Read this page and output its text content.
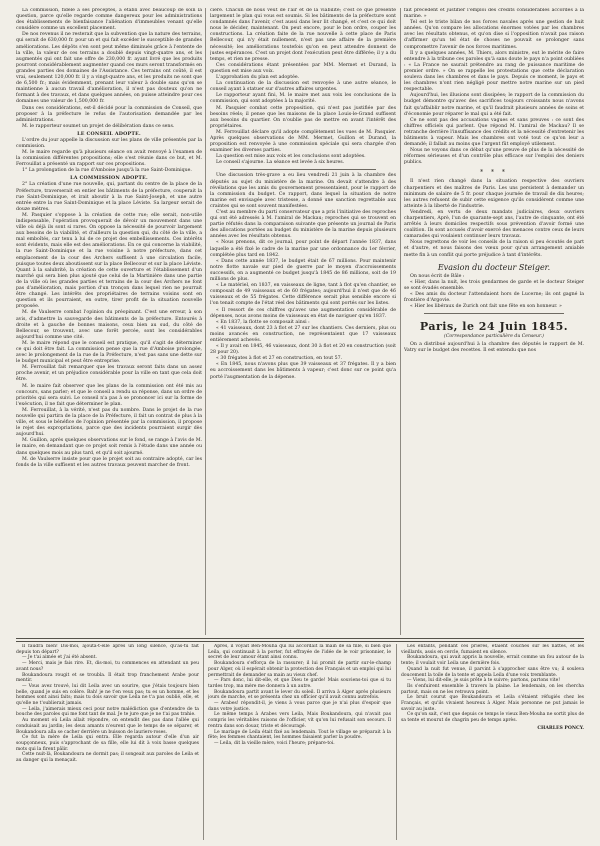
La commission, fidèle à ses préceptes, a établi avec beaucoup de soin la question, parce qu'elle regarde comme dangereux pour les administrations des établissements de bienfaisance l'aliénation d'immeubles venant qu'elle considère comme un excellent placement.

De nos revenus il ne resterait que la subvention que la nature des terrains, qui serait de 630,000 fr. pour un et qui fait excéder le susceptible de grandes améliorations. Les dépôts s'en sont peut même diminués grâce à l'entente de la ville, la valeur de ces terrains a doublé depuis vingt-quatre ans, et les augmentés qui ont fait une offre de 230,000 fr. ayant livré que les produits pourront considérablement augmenter quand ces murs seront transformés en grandes parties des domaines de l'Assistance. Ces terrains ont coûté, il est vrai, seulement 120,000 fr. il y a vingt-quatre ans, et les produits ne sont que de 6,500 fr.; mais évidemment, prenant leur valeur à double sans qu'on se maintienne à aucun travail d'amélioration, il n'est pas douteux qu'on ne formant à des travaux, et dans quelques années, on puisse atteindre pour ces domaines une valeur de 1,500,000 fr.

Dans ces considérations, est-il décidé pour la commission de Conseil, que proposer à la préfecture le refus de l'autorisation demandée par les administrations.

M. le rapporteur soumet un projet de délibération dans ce sens.

LE CONSEIL ADOPTE.

L'ordre du jour appelle la discussion sur les plans de ville présentés par la commission.

M. le maire regarde qu'à plusieurs séance on avait renvoyé à l'examen de la commission différentes propositions; elle s'est réunie dans ce but, et M. Ferrouillat a présenté un rapport sur ces propositions.

1° La prolongation de la rue d'Amboise jusqu'à la rue Saint-Dominique.

LA COMMISSION ADOPTE.

2° La création d'une rue nouvelle, qui, partant du centre de la place de la Préfecture, traverserait en entier les bâtiments de la préfecture, couperait la rue Saint-Dominique, et irait aboutir à la rue Saint-Joseph, et une autre entrée entre la rue Saint-Dominique et la place Léviste. Sa largeur serait de douze mètres.

M. Pasquier s'oppose à la création de cette rue; elle serait, non-utile indispensable, l'opération provoquerait de dévoir un mouvement dans une ville où déjà ils sont si rares. On oppose la nécessité de pourvoir largement aux besoins de la viabilité, et d'ailleurs la question qui, du côté de la ville, a mal emboîtés, car tenu à lui de ce projet des embellissements. Ces intérêts sont évidents, mais elle est des améliorations. En ce qui concerne la viabilité, la rue Saint-Dominique et la rue voisine à notre préfecture, dans cet emplacement de la cour des Archers suffisent à une circulation facile, puisque toutes deux aboutissent sur la place Bellecour et sur la place Léviste. Quant à la salubrité, la création de cette ouverture et l'établissement d'un marché qui sera bien plus ajouté que celui de la Martinière dans une partie de la ville où les grandes parties et terrains de la cour des Archers ne font pas d'amélioration, mais portion d'un tronçon dans lequel rien ne pourrait être changé. Les intérêts des propriétaires de terrains voisins sont en question et ils pourraient, en outre, tirer profit de la situation nouvelle proposée.

M. de Vaulserre combat l'opinion du préopinant. C'est une erreur, à son avis, d'admettre la sauvegarde des bâtiments de la préfecture. Entourés à droite et à gauche de bonnes maisons, ceux bien au sud, du côté de Bellecour, se trouvent, avec une forêt percée, sont les considérables aujourd'hui comme une cité.

M. le maire répond que le conseil est pratique, qu'il s'agit de déterminer ce qui doit être fait. La commission pense que la rue d'Amboise prolongée, avec le prolongement de la rue de la Préfecture, n'est pas sans une dette sur le budget municipal et peut être entreprise.

M. Ferrouillat fait remarquer que les travaux seront faits dans un assez proche avenir, et un préjudice considérable pour la ville en tant que cela doit être.

M. le maire fait observer que les plans de la commission ont été mis au concours, sans parler; et que le conseil a rendu sa réponse, dans un ordre de priorités qui sera suivi. Le conseil n'a pas à se prononcer ici sur la forme de l'exécution, il ne fait que déterminer le plan.

M. Ferrouillat, à la vérité, n'est pas du nombre. Dans le projet de la rue nouvelle qui partira de la place de la Préfecture, il fait un contrat de plus à la ville, et sous le bénéfice de l'opinion présentée par la commission, il propose le rejet des expropriations, parce que des incidents pourraient surgir dès aujourd'hui.

M. Guillon, après quelques observations sur le fond, se range à l'avis de M. le maire, en demandant que ce projet soit remis à l'étude dans une année ou dans quelques mois au plus tard, et qu'il soit ajourné.

M. de Vaulserre insiste pour que le projet soit au contraire adopté, car les fonds de la ville suffisent et les autres travaux peuvent marcher de front.

cière. Chacun de nous veut de l'air et de la viabilité; c'est ce que présente largement le plan qui vous est soumis. Si les bâtiments de la préfecture sont condamnés dans l'avenir, c'est aussi dans leur lit changé, et c'est ce qui doit nous le décider, maintenant. On peut encore, pour le bon ordre, couper les constructions. La création faite de la rue nouvelle à cette place de Paris Bellecour, qui n'y était nullement, n'est pas une affaire de la première nécessité; les améliorations toutefois qu'on en peut attendre donnent de justes espérances. C'est un projet dont l'exécution peut être différée; il y a du temps, et rien ne presse.

Ces considérations étant présentées par MM. Mermet et Durand, la question est mise aux voix.

L'approbation du plan est adoptée.

La continuation de la discussion est renvoyée à une autre séance, le conseil ayant à statuer sur d'autres affaires urgentes.

Le rapporteur ayant fini, M. le maire met aux voix les conclusions de la commission, qui sont adoptées à la majorité.

M. Pasquier combat cette proposition, qui n'est pas justifiée par des besoins réels; il pense que les maisons de la place Louis-le-Grand suffisent aux besoins du quartier. On n'oublie pas de mettre en avant l'intérêt des propriétaires.

M. Ferrouillat déclare qu'il adopte complètement les vues de M. Pasquier. Après quelques observations de MM. Mermet, Guillon et Durand, la proposition est renvoyée à une commission spéciale qui sera chargée d'en examiner les diverses parties.

La question est mise aux voix et les conclusions sont adoptées.

Le conseil s'ajourne. La séance est levée à six heures.

Une discussion très-grave a eu lieu vendredi 21 juin à la chambre des députés au sujet du ministère de la marine. On devait s'attendre à des révélations que les amis du gouvernement pressentaient, pour le rapport de la commission du budget. Ce rapport, dans lequel la situation de notre marine est envisagée avec tristesse, a donné une sanction regrettable aux craintes qui se sont souvent manifestées.

C'est au membre du parti conservateur que a pris l'initiative des reproches qui ont été adressés à M. l'amiral de Mackau; reproches qui se trouvent en partie réfutés dans la comparaison suivante que présente un journal de Paris des allocations portées au budget du ministère de la marine depuis plusieurs années avec les résultats obtenus.

« Nous prenons, dit ce journal, pour point de départ l'année 1837, dans laquelle a été fixé le cadre de la marine par une ordonnance du 1er février, complétée plus tard en 1842.

« Dans cette année 1837, le budget était de 67 millions. Pour maintenir notre flotte navale sur pied de guerre par le moyen d'accroissements successifs, on a augmenté ce budget jusqu'à 1845 de 86 millions, soit de 19 millions de plus.

« Le matériel, en 1837, en vaisseaux de ligne, tant à flot qu'en chantier, se composait de 49 vaisseaux et de 60 frégates; aujourd'hui il n'est que de 46 vaisseaux et de 55 frégates. Cette différence serait plus sensible encore si l'on tenait compte de l'état réel des bâtiments qui sont portés sur les listes.

« Il ressort de ces chiffres qu'avec une augmentation considérable de dépenses, nous avons moins de vaisseaux en état de naviguer qu'en 1837.

« En 1837, la flotte se composait ainsi :

« 41 vaisseaux, dont 23 à flot et 27 sur les chantiers. Ces derniers, plus ou moins avancés en construction, ne représentaient que 17 vaisseaux entièrement achevés.

« Il y avait en 1845, 46 vaisseaux, dont 30 à flot et 20 en construction (soit 28 pour 20).

« 30 frégates à flot et 27 en construction, en tout 57.

« En 1845, nous n'avons plus que 39 vaisseaux et 37 frégates. Il y a bien eu accroissement dans les bâtiments à vapeur; c'est donc sur ce point qu'a porté l'augmentation de la dépense.

fait précédent et justifier l'emploi des crédits considérables accordés à la marine. »

Tel est le triste bilan de nos forces navales après une gestion de huit années. Qu'on compare les allocations énormes votées par les chambres avec les résultats obtenus, et qu'on dise si l'opposition n'avait pas raison d'affirmer qu'un tel état de choses ne pouvait se prolonger sans compromettre l'avenir de nos forces maritimes.

Il y a quelques années, M. Thiers, alors ministre, eut le mérite de faire entendre à la tribune ces paroles qu'à sans doute le pays n'a point oubliées : « La France ne saurait prétendre au rang de puissance maritime de premier ordre. » On se rappelle les protestations que cette déclaration souleva dans les chambres et dans le pays. Depuis ce moment, le pays et les chambres n'ont rien négligé pour mettre notre marine sur un pied respectable.

Aujourd'hui, les illusions sont dissipées; le rapport de la commission du budget démontre qu'avec des sacrifices toujours croissants nous n'avons fait qu'affaiblir notre marine, et qu'il faudrait plusieurs années de soins et d'économie pour réparer le mal qui a été fait.

Ce ne sont pas des accusations vagues et sans preuves : ce sont des chiffres officiels qui parlent. Que répond M. l'amiral de Mackau? Il se retranche derrière l'insuffisance des crédits et la nécessité d'entretenir les bâtiments à vapeur. Mais les chambres ont voté tout ce qu'on leur a demandé; il fallait au moins que l'argent fût employé utilement.

Nous ne voyons dans ce débat qu'une preuve de plus de la nécessité de réformes sérieuses et d'un contrôle plus efficace sur l'emploi des deniers publics.

* * *

Il n'est rien changé dans la situation respective des ouvriers charpentiers et des maîtres de Paris. Les uns persistent à demander un minimum de salaire de 5 fr. pour chaque journée de travail de dix heures; les autres refusent de subir cette exigence qu'ils considèrent comme une atteinte à la liberté de l'industrie.

Vendredi, en vertu de deux mandats judiciaires, deux ouvriers charpentiers, Aprè, l'un de quarante-sept ans, l'autre de cinquante, ont été arrêtés à leurs domiciles respectifs sous prévention d'avoir formé une coalition. Ils sont accusés d'avoir exercé des menaces contre ceux de leurs camarades qui voulaient continuer leurs travaux.

Nous regrettons de voir les conseils de la raison si peu écoutés de part et d'autre, et nous faisons des vœux pour qu'un arrangement amiable mette fin à un conflit qui porte préjudice à tant d'intérêts.

Evasion du docteur Steiger.

On nous écrit de Bâle :

« Hier, dans la nuit, les trois gendarmes de garde et le docteur Steiger se sont évadés ensemble.

« Des amis du docteur l'attendaient hors de Lucerne; ils ont gagné la frontière d'Argovie.

« Hier les libéraux de Zurich ont fait une fête en son honneur. »

Paris, le 24 Juin 1845.
(Correspondance particulière du Censeur.)

On a distribué aujourd'hui à la chambre des députés le rapport de M. Vatry sur le budget des recettes. Il est entendu que nos

Il faudra bien! Dis-moi, ajouta-t-elle après un long silence, qu'as-tu fait depuis ton départ?

— Je t'ai aimée et j'ai été absent.

— Merci, mais je fais rire. Et, dis-moi, tu commences en attendant un peu avant nous?

Boukandoura rougit et se troubla. Il était trop franchement Arabe pour mentir.

— Vous avez trouvé, lui dit Leila avec un sourire, que j'étais toujours bien belle, quand je suis en colère. Bah! je ne t'en veux pas; tu es un homme, et les hommes sont ainsi faits; mais tu dois savoir que Leila ne t'a pas oublié, elle, et qu'elle ne t'oublierait jamais.

— Leila, j'aimerais mieux ceci pour notre malédiction que d'entendre de ta bouche des paroles qui me font tant de mal. Je te jure que je ne t'ai pas trahie.

Au moment où Leila allait répondre, on entendit des pas dans l'allée qui conduisait au jardin; les deux amants n'eurent que le temps de se séparer, et Boukandoura alla se cacher derrière un buisson de lauriers-roses.

Ce fut la mère de Leila qui entra. Elle regarda autour d'elle d'un air soupçonneux, puis s'approchant de sa fille, elle lui dit à voix basse quelques mots qui la firent pâlir.

Cette nuit-là, Boukandoura ne dormit pas; il songeait aux paroles de Leila et au danger qui la menaçait.

Après, il voyait Ben-Mouha qui lui accordait la main de sa fille, si bien que Leila, qui continuait à la porter, fut effrayée de l'idée de le voir prisonnier, le secret de leur amour étant ainsi connu.

Boukandoura s'efforça de la rassurer; il lui promit de partir sur-le-champ pour Alger, où il espérait obtenir la protection des Français et un emploi qui lui permettrait de demander sa main au vieux chef.

— Pars donc, lui dit-elle, et que Dieu te garde! Mais souviens-toi que si tu tardes trop, ma mère me donnera à un autre.

Boukandoura partit avant le lever du soleil. Il arriva à Alger après plusieurs jours de marche, et se présenta chez un officier qu'il avait connu autrefois.

— Arabes! répondit-il, je viens à vous parce que je n'ai plus d'espoir que dans votre justice.

Le même temps à Arabes vers Leila, Mais Boukandoura, qui n'avait pas compris les véritables raisons de l'officier, vit qu'on lui refusait son secours. Il rentra dans son douar, triste et découragé.

Le mariage de Leila était fixé au lendemain. Tout le village se préparait à la fête; les femmes chantaient, les hommes faisaient parler la poudre.

— Leila, dit la vieille mère, voici l'heure; prépare-toi.

Les enfants, pendant ces prières, étaient couchés sur les nattes, et les vieillards, assis en cercle, fumaient en silence.

Boukandoura, qui avait appris la nouvelle, errait comme un fou autour de la tente; il voulait voir Leila une dernière fois.

Quand la nuit fut venue, il parvint à s'approcher sans être vu; il souleva doucement la toile de la tente et appela Leila d'une voix tremblante.

— Viens, lui dit-elle, je suis prête à te suivre; partons, partons vite!

Ils s'enfuirent ensemble à travers la plaine. Le lendemain, on les chercha partout, mais on ne les retrouva point.

Le bruit courut que Boukandoura et Leila s'étaient réfugiés chez les Français, et qu'ils vivaient heureux à Alger. Mais personne ne put jamais le savoir au juste.

Ce qu'on sait, c'est que depuis ce temps le vieux Ben-Mouha ne sortit plus de sa tente et mourut de chagrin peu de temps après.

CHARLES PONCY.
